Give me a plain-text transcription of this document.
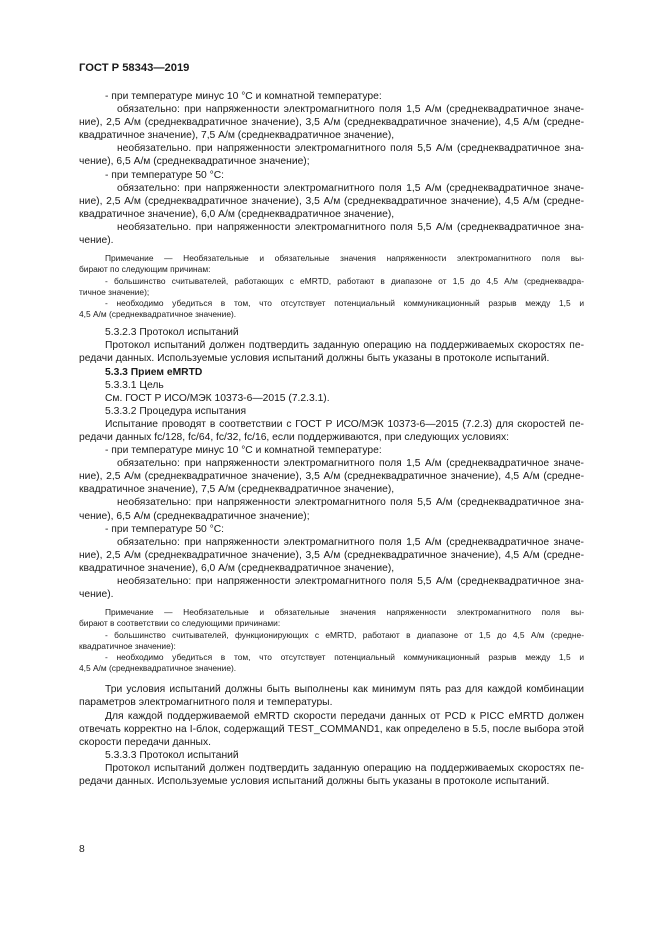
ГОСТ Р 58343—2019
- при температуре минус 10 °С и комнатной температуре:
обязательно: при напряженности электромагнитного поля 1,5 А/м (среднеквадратичное значе-
ние), 2,5 А/м (среднеквадратичное значение), 3,5 А/м (среднеквадратичное значение), 4,5 А/м (средне-
квадратичное значение), 7,5 А/м (среднеквадратичное значение),
необязательно. при напряженности электромагнитного поля 5,5 А/м (среднеквадратичное зна-
чение), 6,5 А/м (среднеквадратичное значение);
- при температуре 50 °С:
обязательно: при напряженности электромагнитного поля 1,5 А/м (среднеквадратичное значе-
ние), 2,5 А/м (среднеквадратичное значение), 3,5 А/м (среднеквадратичное значение), 4,5 А/м (средне-
квадратичное значение), 6,0 А/м (среднеквадратичное значение),
необязательно. при напряженности электромагнитного поля 5,5 А/м (среднеквадратичное зна-
чение).
Примечание — Необязательные и обязательные значения напряженности электромагнитного поля вы-
бирают по следующим причинам:
- большинство считывателей, работающих с eMRTD, работают в диапазоне от 1,5 до 4,5 А/м (среднеквадра-
тичное значение);
- необходимо убедиться в том, что отсутствует потенциальный коммуникационный разрыв между 1,5 и
4,5 А/м (среднеквадратичное значение).
5.3.2.3 Протокол испытаний
Протокол испытаний должен подтвердить заданную операцию на поддерживаемых скоростях пе-
редачи данных. Используемые условия испытаний должны быть указаны в протоколе испытаний.
5.3.3 Прием eMRTD
5.3.3.1 Цель
См. ГОСТ Р ИСО/МЭК 10373-6—2015 (7.2.3.1).
5.3.3.2 Процедура испытания
Испытание проводят в соответствии с ГОСТ Р ИСО/МЭК 10373-6—2015 (7.2.3) для скоростей пе-
редачи данных fc/128, fc/64, fc/32, fc/16, если поддерживаются, при следующих условиях:
- при температуре минус 10 °С и комнатной температуре:
обязательно: при напряженности электромагнитного поля 1,5 А/м (среднеквадратичное значе-
ние), 2,5 А/м (среднеквадратичное значение), 3,5 А/м (среднеквадратичное значение), 4,5 А/м (средне-
квадратичное значение), 7,5 А/м (среднеквадратичное значение),
необязательно: при напряженности электромагнитного поля 5,5 А/м (среднеквадратичное зна-
чение), 6,5 А/м (среднеквадратичное значение);
- при температуре 50 °С:
обязательно: при напряженности электромагнитного поля 1,5 А/м (среднеквадратичное значе-
ние), 2,5 А/м (среднеквадратичное значение), 3,5 А/м (среднеквадратичное значение), 4,5 А/м (средне-
квадратичное значение), 6,0 А/м (среднеквадратичное значение),
необязательно: при напряженности электромагнитного поля 5,5 А/м (среднеквадратичное зна-
чение).
Примечание — Необязательные и обязательные значения напряженности электромагнитного поля вы-
бирают в соответствии со следующими причинами:
- большинство считывателей, функционирующих с eMRTD, работают в диапазоне от 1,5 до 4,5 А/м (средне-
квадратичное значение):
- необходимо убедиться в том, что отсутствует потенциальный коммуникационный разрыв между 1,5 и
4,5 А/м (среднеквадратичное значение).
Три условия испытаний должны быть выполнены как минимум пять раз для каждой комбинации
параметров электромагнитного поля и температуры.
Для каждой поддерживаемой eMRTD скорости передачи данных от PCD к PICC eMRTD должен
отвечать корректно на I-блок, содержащий TEST_COMMAND1, как определено в 5.5, после выбора этой
скорости передачи данных.
5.3.3.3 Протокол испытаний
Протокол испытаний должен подтвердить заданную операцию на поддерживаемых скоростях пе-
редачи данных. Используемые условия испытаний должны быть указаны в протоколе испытаний.
8
